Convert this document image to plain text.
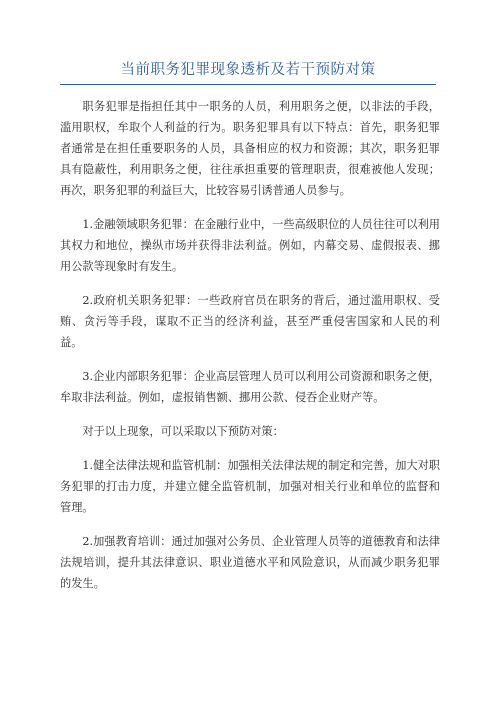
当前职务犯罪现象透析及若干预防对策

职务犯罪是指担任其中一职务的人员，利用职务之便，以非法的手段，滥用职权，牟取个人利益的行为。职务犯罪具有以下特点：首先，职务犯罪者通常是在担任重要职务的人员，具备相应的权力和资源；其次，职务犯罪具有隐蔽性，利用职务之便，往往承担重要的管理职责，很难被他人发现；再次，职务犯罪的利益巨大，比较容易引诱普通人员参与。

1.金融领域职务犯罪：在金融行业中，一些高级职位的人员往往可以利用其权力和地位，操纵市场并获得非法利益。例如，内幕交易、虚假报表、挪用公款等现象时有发生。

2.政府机关职务犯罪：一些政府官员在职务的背后，通过滥用职权、受贿、贪污等手段，谋取不正当的经济利益，甚至严重侵害国家和人民的利益。

3.企业内部职务犯罪：企业高层管理人员可以利用公司资源和职务之便，牟取非法利益。例如，虚报销售额、挪用公款、侵吞企业财产等。

对于以上现象，可以采取以下预防对策：

1.健全法律法规和监管机制：加强相关法律法规的制定和完善，加大对职务犯罪的打击力度，并建立健全监管机制，加强对相关行业和单位的监督和管理。

2.加强教育培训：通过加强对公务员、企业管理人员等的道德教育和法律法规培训，提升其法律意识、职业道德水平和风险意识，从而减少职务犯罪的发生。
